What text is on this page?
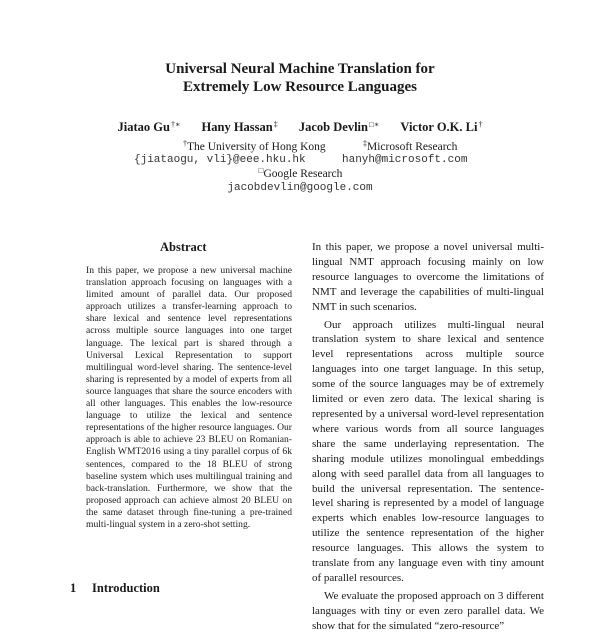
Universal Neural Machine Translation for
Extremely Low Resource Languages
Jiatao Gu†∗ Hany Hassan‡ Jacob Devlin□∗ Victor O.K. Li†
†The University of Hong Kong	‡Microsoft Research
{jiataogu, vli}@eee.hku.hk	hanyh@microsoft.com
□Google Research
jacobdevlin@google.com
Abstract
In this paper, we propose a new universal machine translation approach focusing on languages with a limited amount of parallel data. Our proposed approach utilizes a transfer-learning approach to share lexical and sentence level representations across multiple source languages into one target language. The lexical part is shared through a Universal Lexical Representation to support multilingual word-level sharing. The sentence-level sharing is represented by a model of experts from all source languages that share the source encoders with all other languages. This enables the low-resource language to utilize the lexical and sentence representations of the higher resource languages. Our approach is able to achieve 23 BLEU on Romanian-English WMT2016 using a tiny parallel corpus of 6k sentences, compared to the 18 BLEU of strong baseline system which uses multilingual training and back-translation. Furthermore, we show that the proposed approach can achieve almost 20 BLEU on the same dataset through fine-tuning a pre-trained multi-lingual system in a zero-shot setting.
1 Introduction

In this paper, we propose a novel universal multi-lingual NMT approach focusing mainly on low resource languages to overcome the limitations of NMT and leverage the capabilities of multi-lingual NMT in such scenarios.

Our approach utilizes multi-lingual neural translation system to share lexical and sentence level representations across multiple source languages into one target language. In this setup, some of the source languages may be of extremely limited or even zero data. The lexical sharing is represented by a universal word-level representation where various words from all source languages share the same underlaying representation. The sharing module utilizes monolingual embeddings along with seed parallel data from all languages to build the universal representation. The sentence-level sharing is represented by a model of language experts which enables low-resource languages to utilize the sentence representation of the higher resource languages. This allows the system to translate from any language even with tiny amount of parallel resources.

We evaluate the proposed approach on 3 different languages with tiny or even zero parallel data. We show that for the simulated “zero-resource”
